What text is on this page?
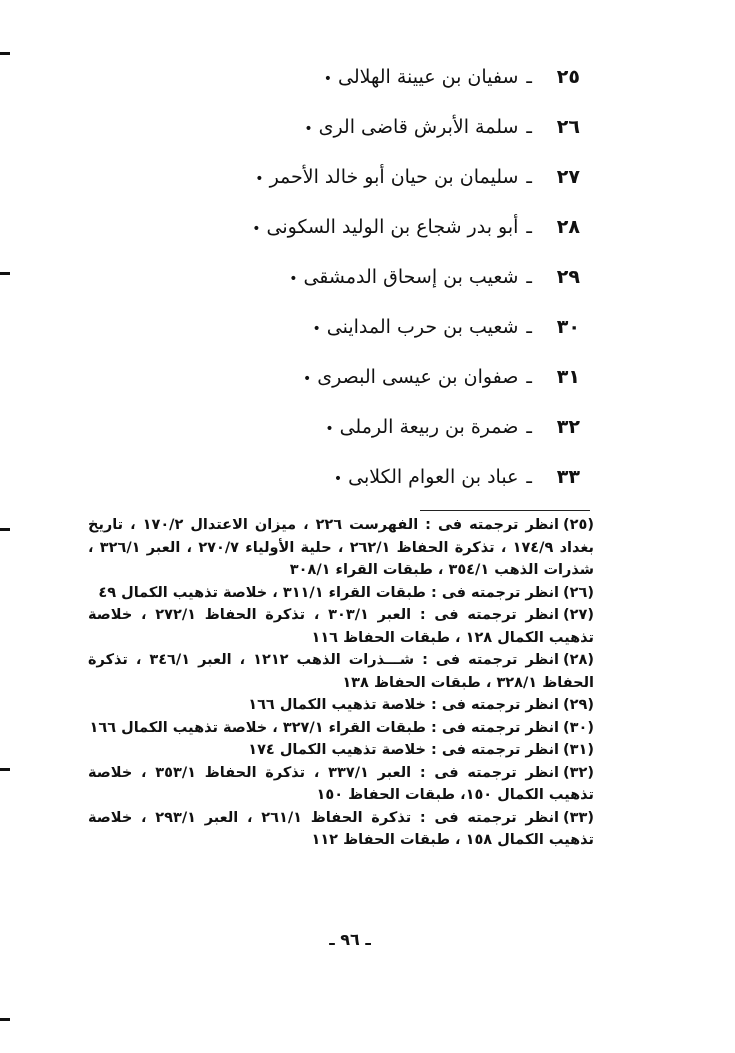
٢٥ـسفيان بن عيينة الهلالى•
٢٦ـسلمة الأبرش قاضى الرى•
٢٧ـسليمان بن حيان أبو خالد الأحمر•
٢٨ـأبو بدر شجاع بن الوليد السكونى•
٢٩ـشعيب بن إسحاق الدمشقى•
٣٠ـشعيب بن حرب المداينى•
٣١ـصفوان بن عيسى البصرى•
٣٢ـضمرة بن ربيعة الرملى•
٣٣ـعباد بن العوام الكلابى•

(٢٥)انظر ترجمته فى : الفهرست ٢٢٦ ، ميزان الاعتدال ١٧٠/٢ ، تاريخ بغداد ١٧٤/٩ ، تذكرة الحفاظ ٢٦٢/١ ، حلية الأولياء ٢٧٠/٧ ، العبر ٣٢٦/١ ، شذرات الذهب ٣٥٤/١ ، طبقات القراء ٣٠٨/١

(٢٦)انظر ترجمته فى : طبقات القراء ٣١١/١ ، خلاصة تذهيب الكمال ٤٩

(٢٧)انظر ترجمته فى : العبر ٣٠٣/١ ، تذكرة الحفاظ ٢٧٢/١ ، خلاصة تذهيب الكمال ١٢٨ ، طبقات الحفاظ ١١٦

(٢٨)انظر ترجمته فى : شـــذرات الذهب ١٢١٢ ، العبر ٣٤٦/١ ، تذكرة الحفاظ ٣٢٨/١ ، طبقات الحفاظ ١٣٨

(٢٩)انظر ترجمته فى : خلاصة تذهيب الكمال ١٦٦

(٣٠)انظر ترجمته فى : طبقات القراء ٣٢٧/١ ، خلاصة تذهيب الكمال ١٦٦

(٣١)انظر ترجمته فى : خلاصة تذهيب الكمال ١٧٤

(٣٢)انظر ترجمته فى : العبر ٣٣٧/١ ، تذكرة الحفاظ ٣٥٣/١ ، خلاصة تذهيب الكمال ١٥٠، طبقات الحفاظ ١٥٠

(٣٣)انظر ترجمته فى : تذكرة الحفاظ ٢٦١/١ ، العبر ٢٩٣/١ ، خلاصة تذهيب الكمال ١٥٨ ، طبقات الحفاظ ١١٢

ـ ٩٦ ـ
